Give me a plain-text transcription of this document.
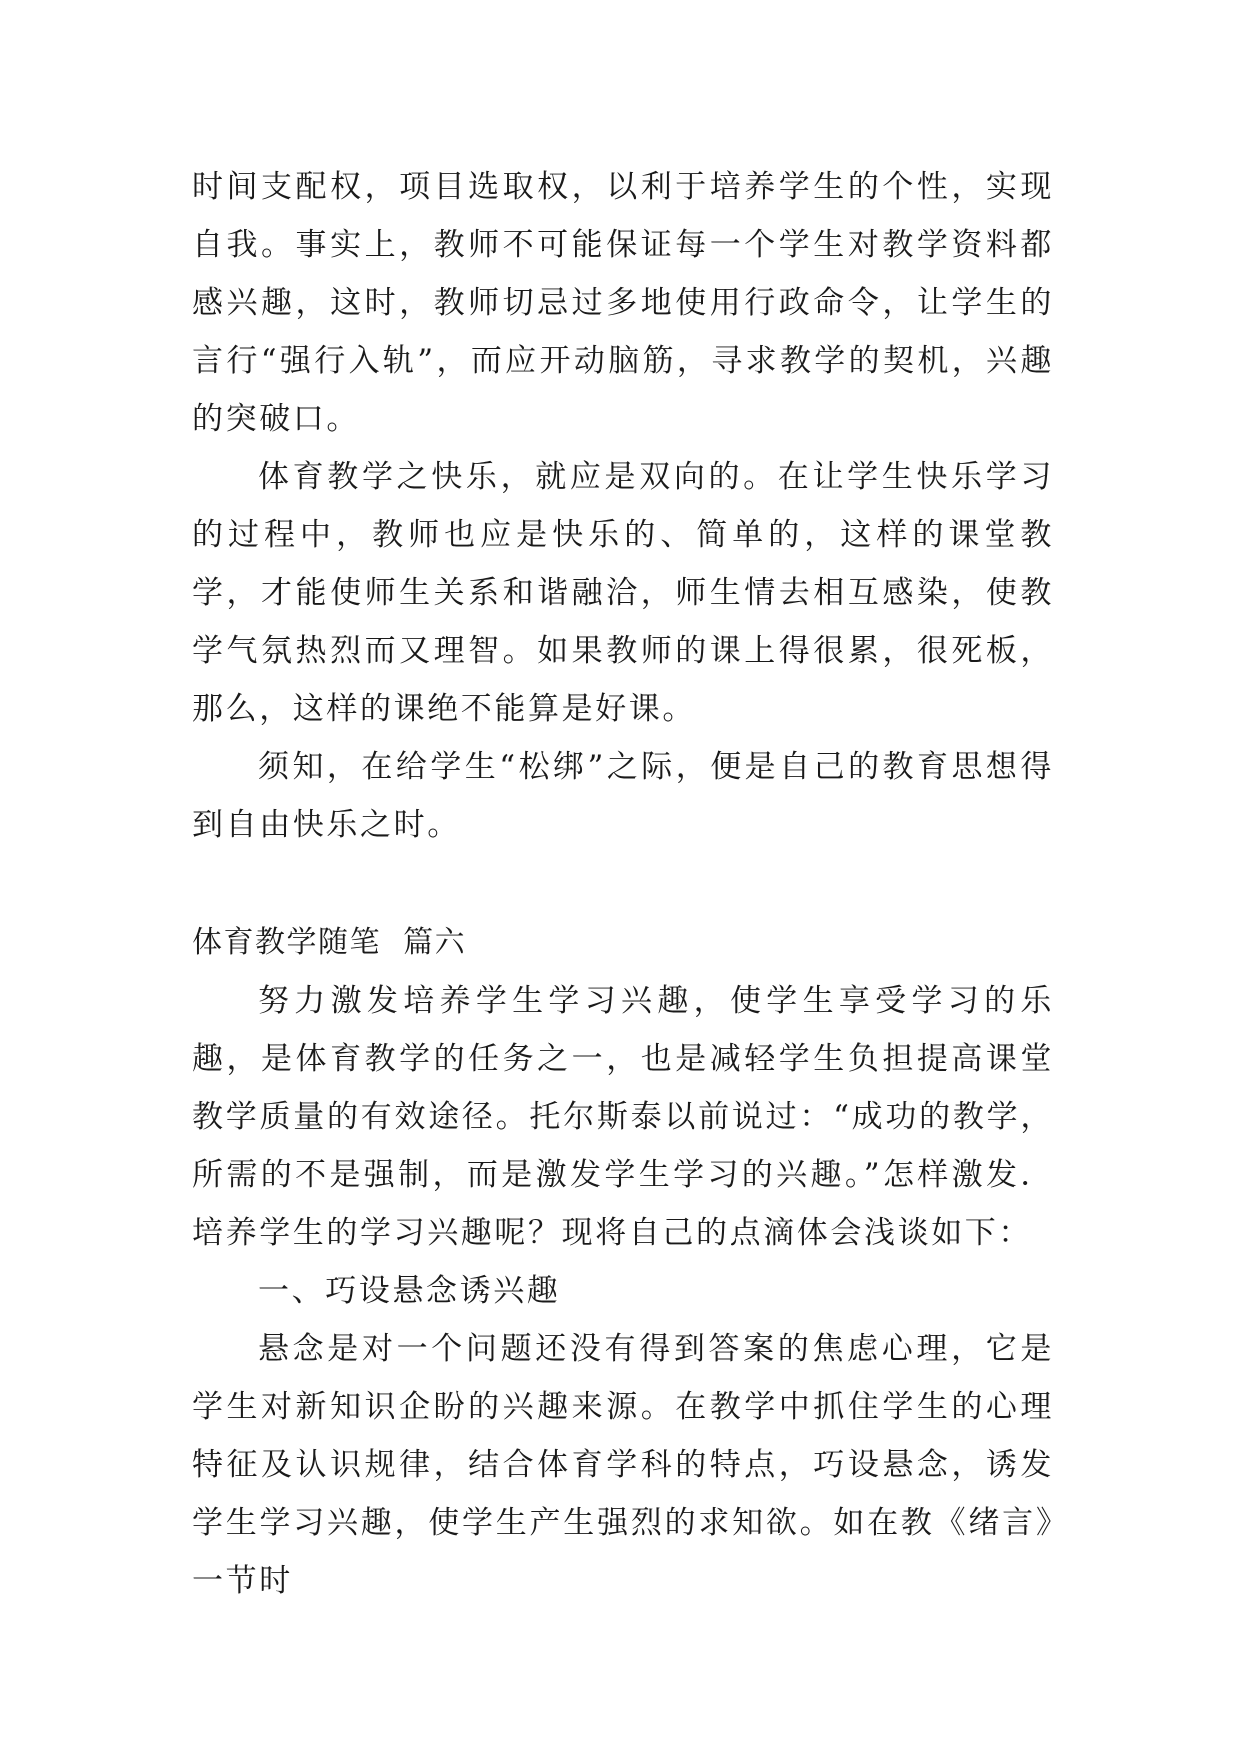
时间支配权，项目选取权，以利于培养学生的个性，实现自我。事实上，教师不可能保证每一个学生对教学资料都感兴趣，这时，教师切忌过多地使用行政命令，让学生的言行“强行入轨”，而应开动脑筋，寻求教学的契机，兴趣的突破口。

体育教学之快乐，就应是双向的。在让学生快乐学习的过程中，教师也应是快乐的、简单的，这样的课堂教学，才能使师生关系和谐融洽，师生情去相互感染，使教学气氛热烈而又理智。如果教师的课上得很累，很死板，那么，这样的课绝不能算是好课。

须知，在给学生“松绑”之际，便是自己的教育思想得到自由快乐之时。

体育教学随笔  篇六

努力激发培养学生学习兴趣，使学生享受学习的乐趣，是体育教学的任务之一，也是减轻学生负担提高课堂教学质量的有效途径。托尔斯泰以前说过：“成功的教学，所需的不是强制，而是激发学生学习的兴趣。”怎样激发．培养学生的学习兴趣呢？现将自己的点滴体会浅谈如下：

一、巧设悬念诱兴趣

悬念是对一个问题还没有得到答案的焦虑心理，它是学生对新知识企盼的兴趣来源。在教学中抓住学生的心理特征及认识规律，结合体育学科的特点，巧设悬念，诱发学生学习兴趣，使学生产生强烈的求知欲。如在教《绪言》一节时
